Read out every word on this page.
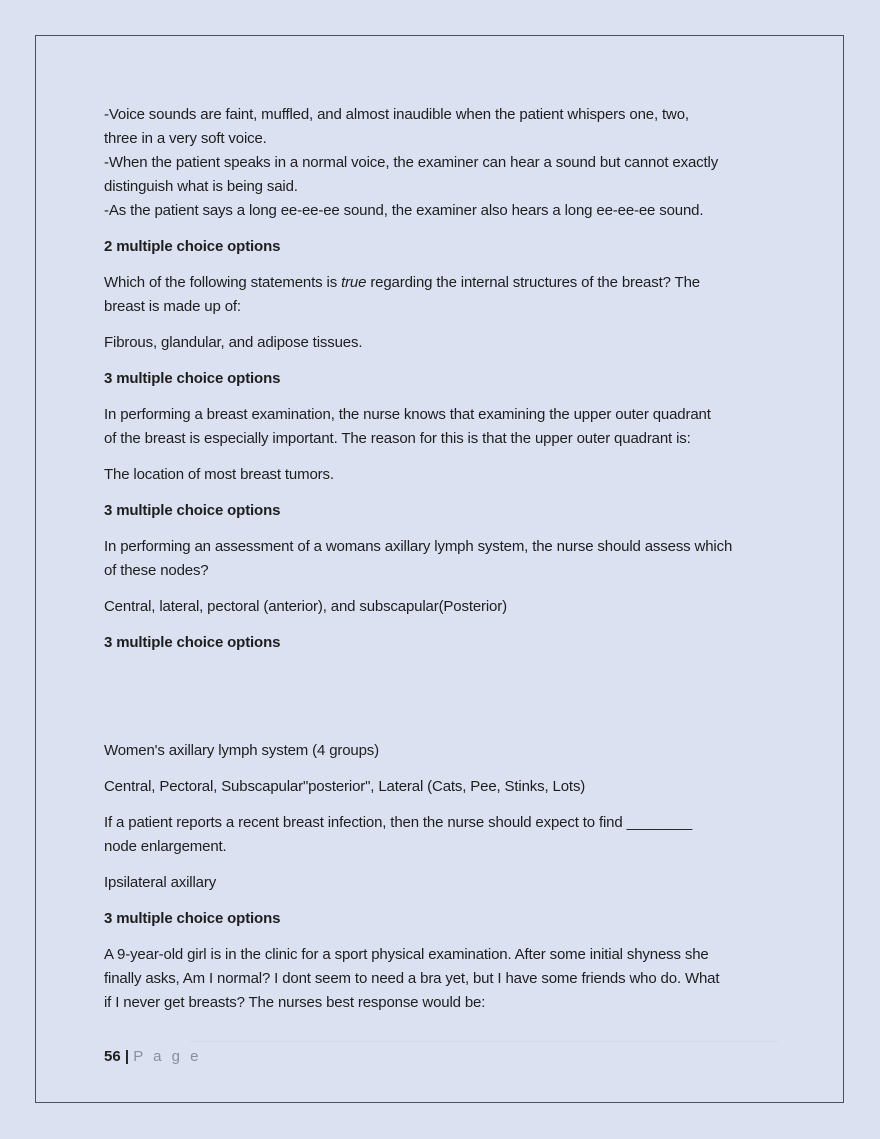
-Voice sounds are faint, muffled, and almost inaudible when the patient whispers one, two,
three in a very soft voice.
-When the patient speaks in a normal voice, the examiner can hear a sound but cannot exactly
distinguish what is being said.
-As the patient says a long ee-ee-ee sound, the examiner also hears a long ee-ee-ee sound.
2 multiple choice options
Which of the following statements is true regarding the internal structures of the breast? The
breast is made up of:
Fibrous, glandular, and adipose tissues.
3 multiple choice options
In performing a breast examination, the nurse knows that examining the upper outer quadrant
of the breast is especially important. The reason for this is that the upper outer quadrant is:
The location of most breast tumors.
3 multiple choice options
In performing an assessment of a womans axillary lymph system, the nurse should assess which
of these nodes?
Central, lateral, pectoral (anterior), and subscapular(Posterior)
3 multiple choice options
Women's axillary lymph system (4 groups)
Central, Pectoral, Subscapular"posterior", Lateral (Cats, Pee, Stinks, Lots)
If a patient reports a recent breast infection, then the nurse should expect to find ________
node enlargement.
Ipsilateral axillary
3 multiple choice options
A 9-year-old girl is in the clinic for a sport physical examination. After some initial shyness she
finally asks, Am I normal? I dont seem to need a bra yet, but I have some friends who do. What
if I never get breasts? The nurses best response would be:
56 | P a g e
